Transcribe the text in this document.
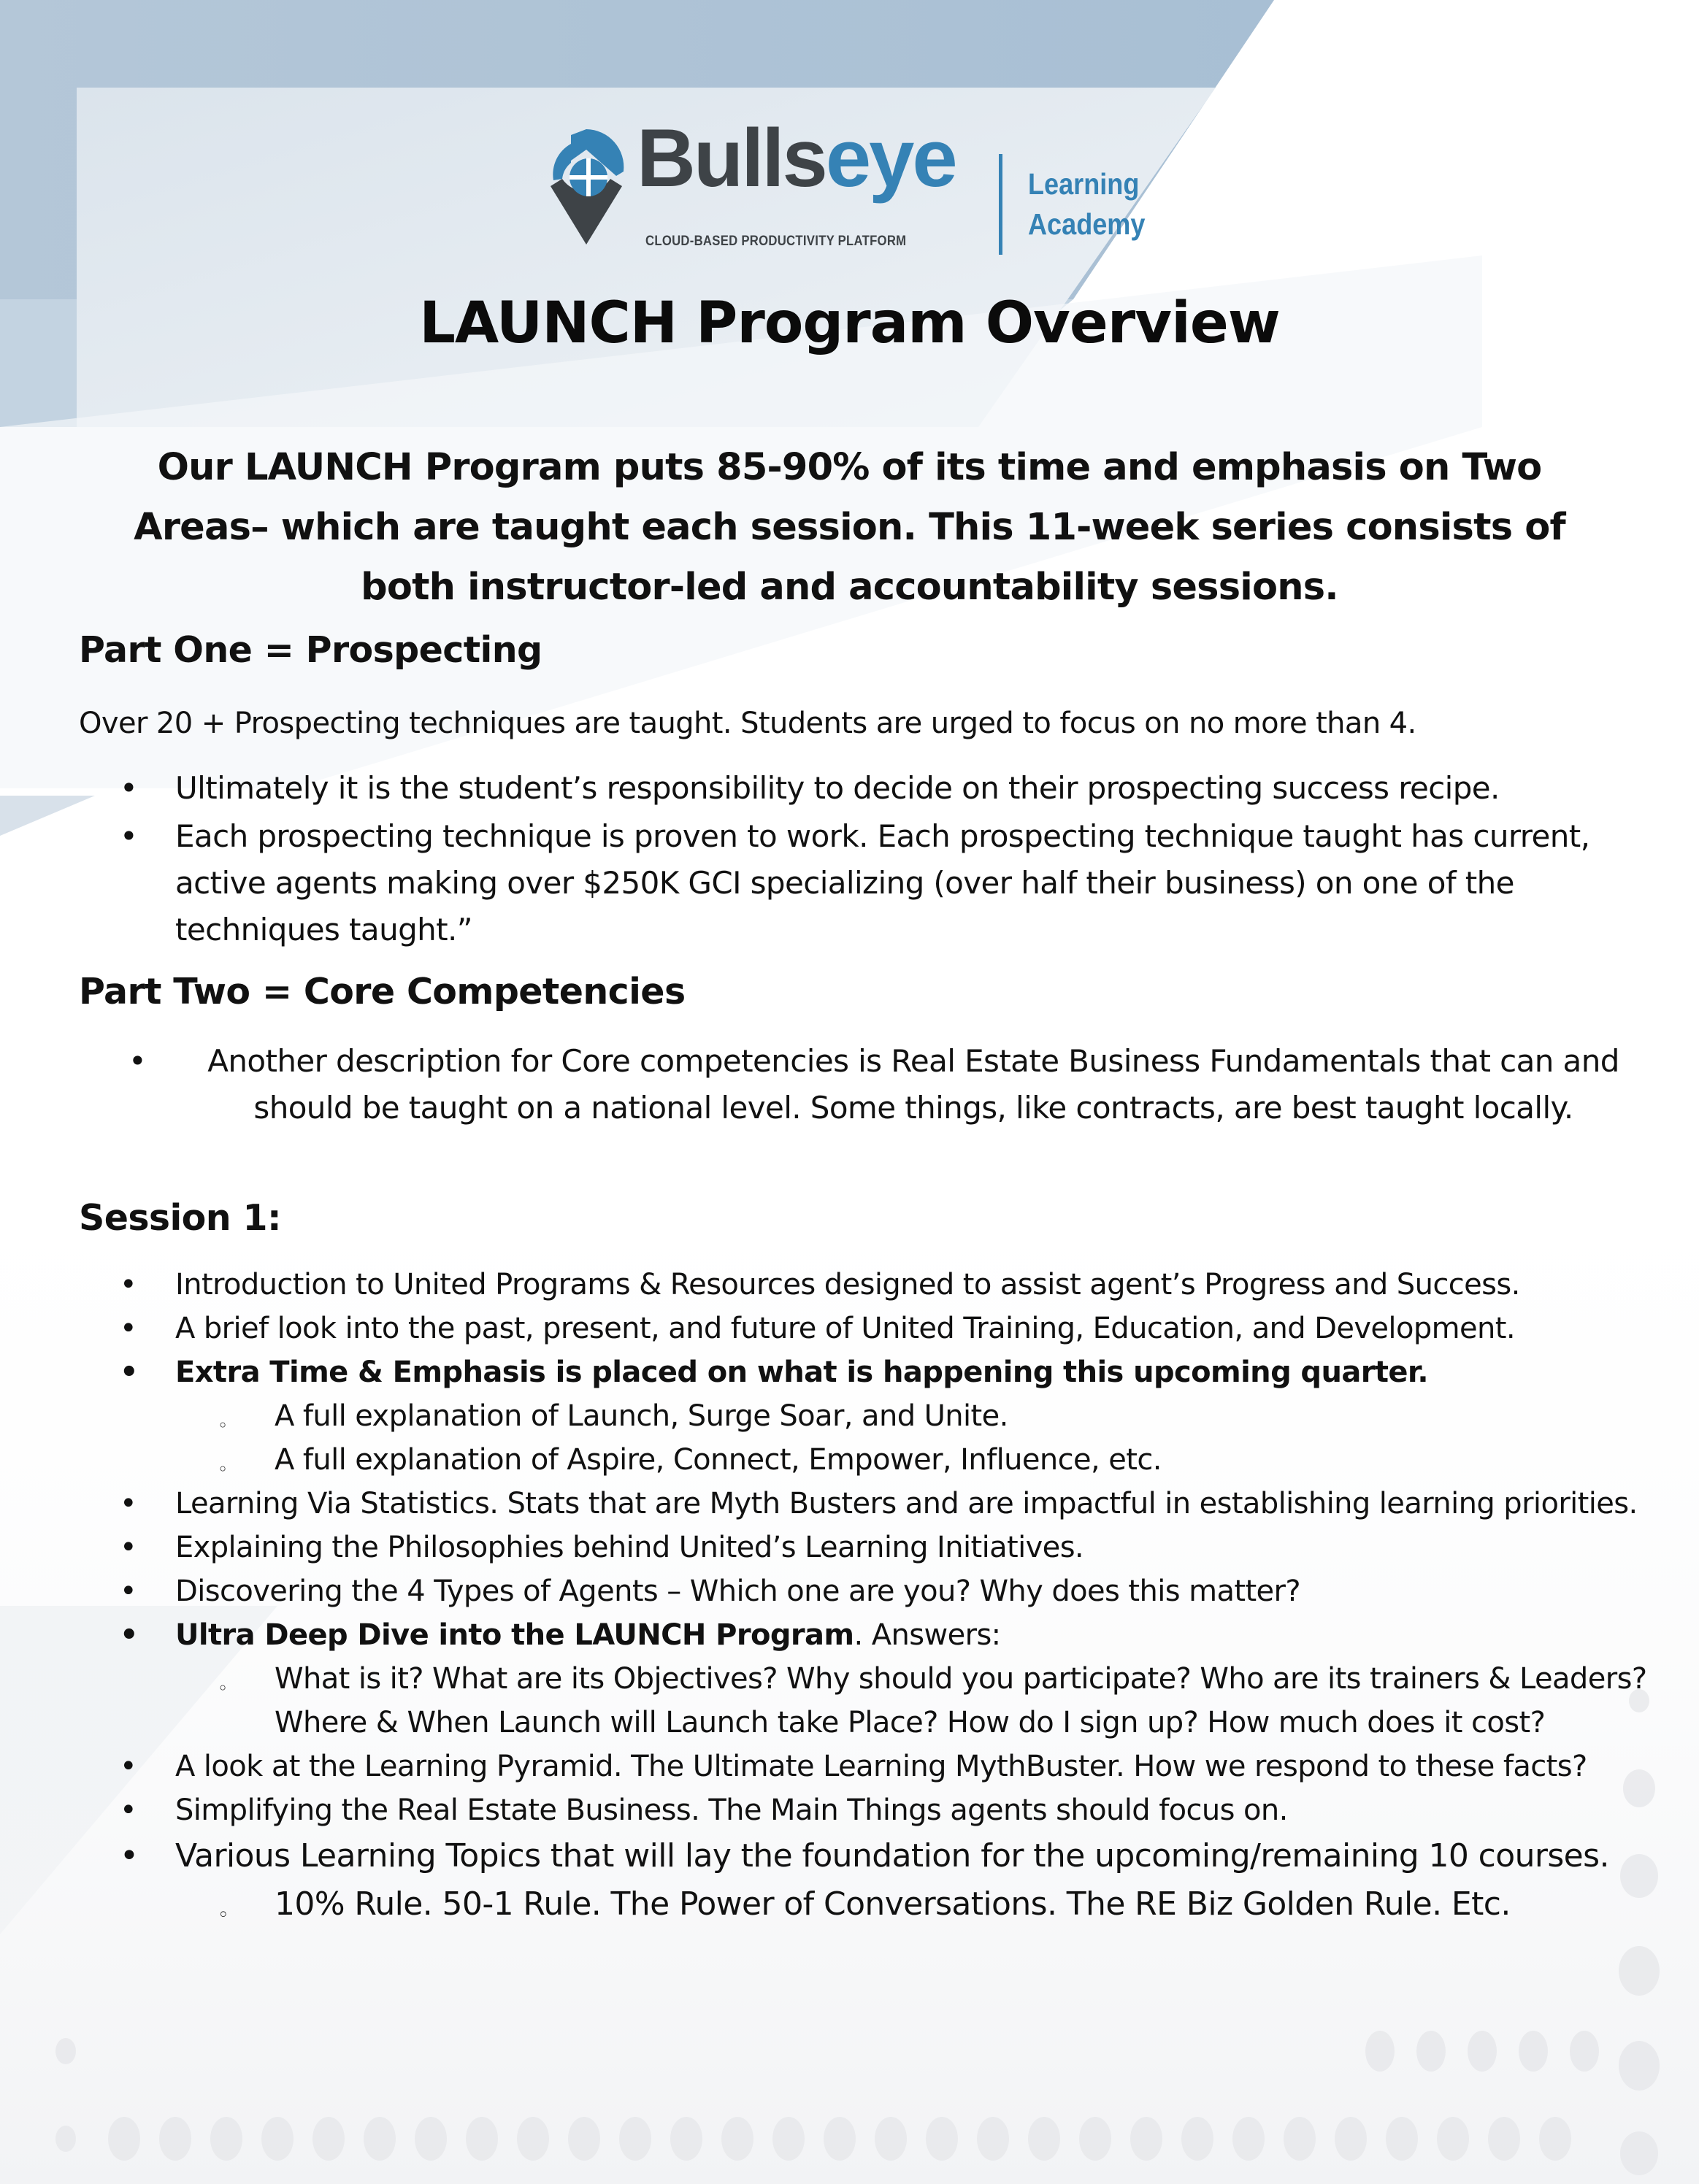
Bullseye
CLOUD-BASED PRODUCTIVITY PLATFORM
Learning
Academy
LAUNCH Program Overview
Our LAUNCH Program puts 85-90% of its time and emphasis on Two Areas– which are taught each session. This 11-week series consists of both instructor-led and accountability sessions.
Part One = Prospecting
Over 20 + Prospecting techniques are taught. Students are urged to focus on no more than 4.
• Ultimately it is the student’s responsibility to decide on their prospecting success recipe.
• Each prospecting technique is proven to work. Each prospecting technique taught has current, active agents making over $250K GCI specializing (over half their business) on one of the techniques taught.”
Part Two = Core Competencies
• Another description for Core competencies is Real Estate Business Fundamentals that can and should be taught on a national level. Some things, like contracts, are best taught locally.
Session 1:
• Introduction to United Programs & Resources designed to assist agent’s Progress and Success.
• A brief look into the past, present, and future of United Training, Education, and Development.
• Extra Time & Emphasis is placed on what is happening this upcoming quarter.
◦ A full explanation of Launch, Surge Soar, and Unite.
◦ A full explanation of Aspire, Connect, Empower, Influence, etc.
• Learning Via Statistics. Stats that are Myth Busters and are impactful in establishing learning priorities.
• Explaining the Philosophies behind United’s Learning Initiatives.
• Discovering the 4 Types of Agents – Which one are you? Why does this matter?
• Ultra Deep Dive into the LAUNCH Program. Answers:
◦ What is it? What are its Objectives? Why should you participate? Who are its trainers & Leaders? Where & When Launch will Launch take Place? How do I sign up? How much does it cost?
• A look at the Learning Pyramid. The Ultimate Learning MythBuster. How we respond to these facts?
• Simplifying the Real Estate Business. The Main Things agents should focus on.
• Various Learning Topics that will lay the foundation for the upcoming/remaining 10 courses.
◦ 10% Rule. 50-1 Rule. The Power of Conversations. The RE Biz Golden Rule. Etc.
